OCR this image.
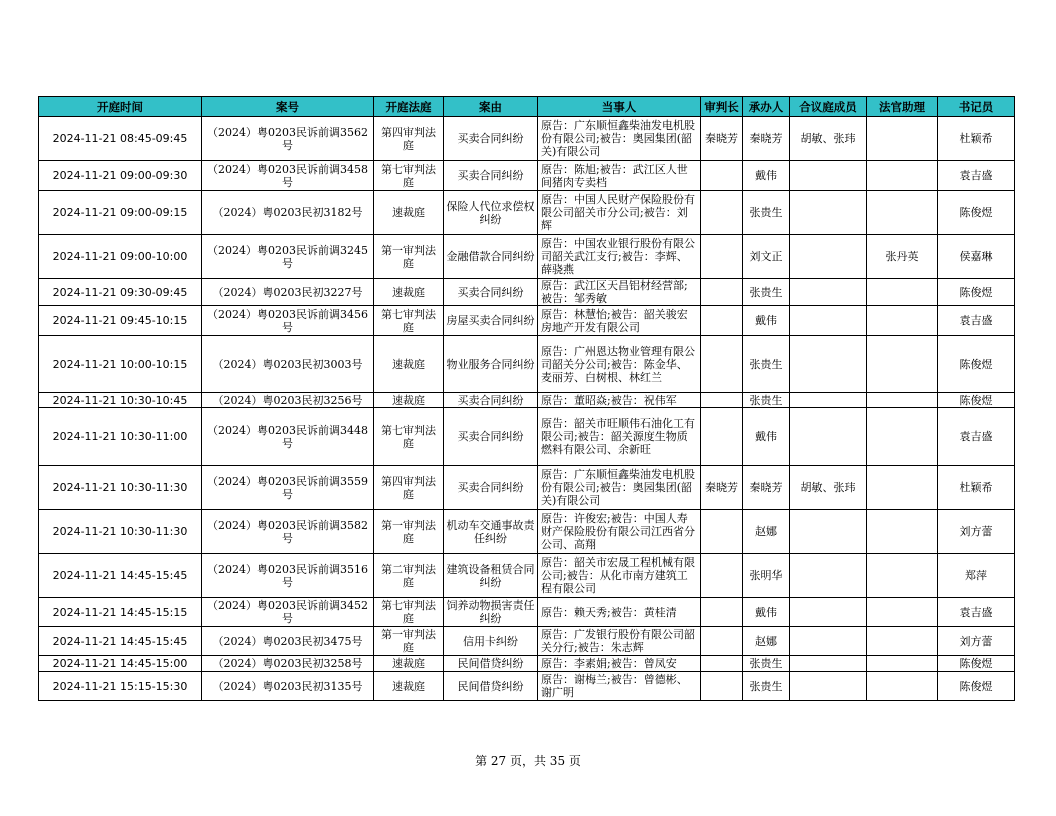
开庭时间	案号	开庭法庭	案由	当事人	审判长	承办人	合议庭成员	法官助理	书记员
2024-11-21 08:45-09:45	（2024）粤0203民诉前调3562号	第四审判法庭	买卖合同纠纷	原告：广东顺恒鑫柴油发电机股份有限公司;被告：奥园集团(韶关)有限公司	秦晓芳	秦晓芳	胡敏、张玮		杜颖希
2024-11-21 09:00-09:30	（2024）粤0203民诉前调3458号	第七审判法庭	买卖合同纠纷	原告：陈旭;被告：武江区人世间猪肉专卖档		戴伟			袁吉盛
2024-11-21 09:00-09:15	（2024）粤0203民初3182号	速裁庭	保险人代位求偿权纠纷	原告：中国人民财产保险股份有限公司韶关市分公司;被告：刘辉		张贵生			陈俊煜
2024-11-21 09:00-10:00	（2024）粤0203民诉前调3245号	第一审判法庭	金融借款合同纠纷	原告：中国农业银行股份有限公司韶关武江支行;被告：李辉、薛骁燕		刘文正		张丹英	侯嘉琳
2024-11-21 09:30-09:45	（2024）粤0203民初3227号	速裁庭	买卖合同纠纷	原告：武江区天昌铝材经营部;被告：邹秀敏		张贵生			陈俊煜
2024-11-21 09:45-10:15	（2024）粤0203民诉前调3456号	第七审判法庭	房屋买卖合同纠纷	原告：林慧怡;被告：韶关骏宏房地产开发有限公司		戴伟			袁吉盛
2024-11-21 10:00-10:15	（2024）粤0203民初3003号	速裁庭	物业服务合同纠纷	原告：广州恩达物业管理有限公司韶关分公司;被告：陈金华、麦丽芳、白树根、林红兰		张贵生			陈俊煜
2024-11-21 10:30-10:45	（2024）粤0203民初3256号	速裁庭	买卖合同纠纷	原告：董昭焱;被告：祝伟军		张贵生			陈俊煜
2024-11-21 10:30-11:00	（2024）粤0203民诉前调3448号	第七审判法庭	买卖合同纠纷	原告：韶关市旺顺伟石油化工有限公司;被告：韶关源度生物质燃料有限公司、余新旺		戴伟			袁吉盛
2024-11-21 10:30-11:30	（2024）粤0203民诉前调3559号	第四审判法庭	买卖合同纠纷	原告：广东顺恒鑫柴油发电机股份有限公司;被告：奥园集团(韶关)有限公司	秦晓芳	秦晓芳	胡敏、张玮		杜颖希
2024-11-21 10:30-11:30	（2024）粤0203民诉前调3582号	第一审判法庭	机动车交通事故责任纠纷	原告：许俊宏;被告：中国人寿财产保险股份有限公司江西省分公司、高翔		赵娜			刘方蕾
2024-11-21 14:45-15:45	（2024）粤0203民诉前调3516号	第二审判法庭	建筑设备租赁合同纠纷	原告：韶关市宏晟工程机械有限公司;被告：从化市南方建筑工程有限公司		张明华			郑萍
2024-11-21 14:45-15:15	（2024）粤0203民诉前调3452号	第七审判法庭	饲养动物损害责任纠纷	原告：赖天秀;被告：黄桂清		戴伟			袁吉盛
2024-11-21 14:45-15:45	（2024）粤0203民初3475号	第一审判法庭	信用卡纠纷	原告：广发银行股份有限公司韶关分行;被告：朱志辉		赵娜			刘方蕾
2024-11-21 14:45-15:00	（2024）粤0203民初3258号	速裁庭	民间借贷纠纷	原告：李素娟;被告：曾凤安		张贵生			陈俊煜
2024-11-21 15:15-15:30	（2024）粤0203民初3135号	速裁庭	民间借贷纠纷	原告：谢梅兰;被告：曾德彬、谢广明		张贵生			陈俊煜
第 27 页，共 35 页
